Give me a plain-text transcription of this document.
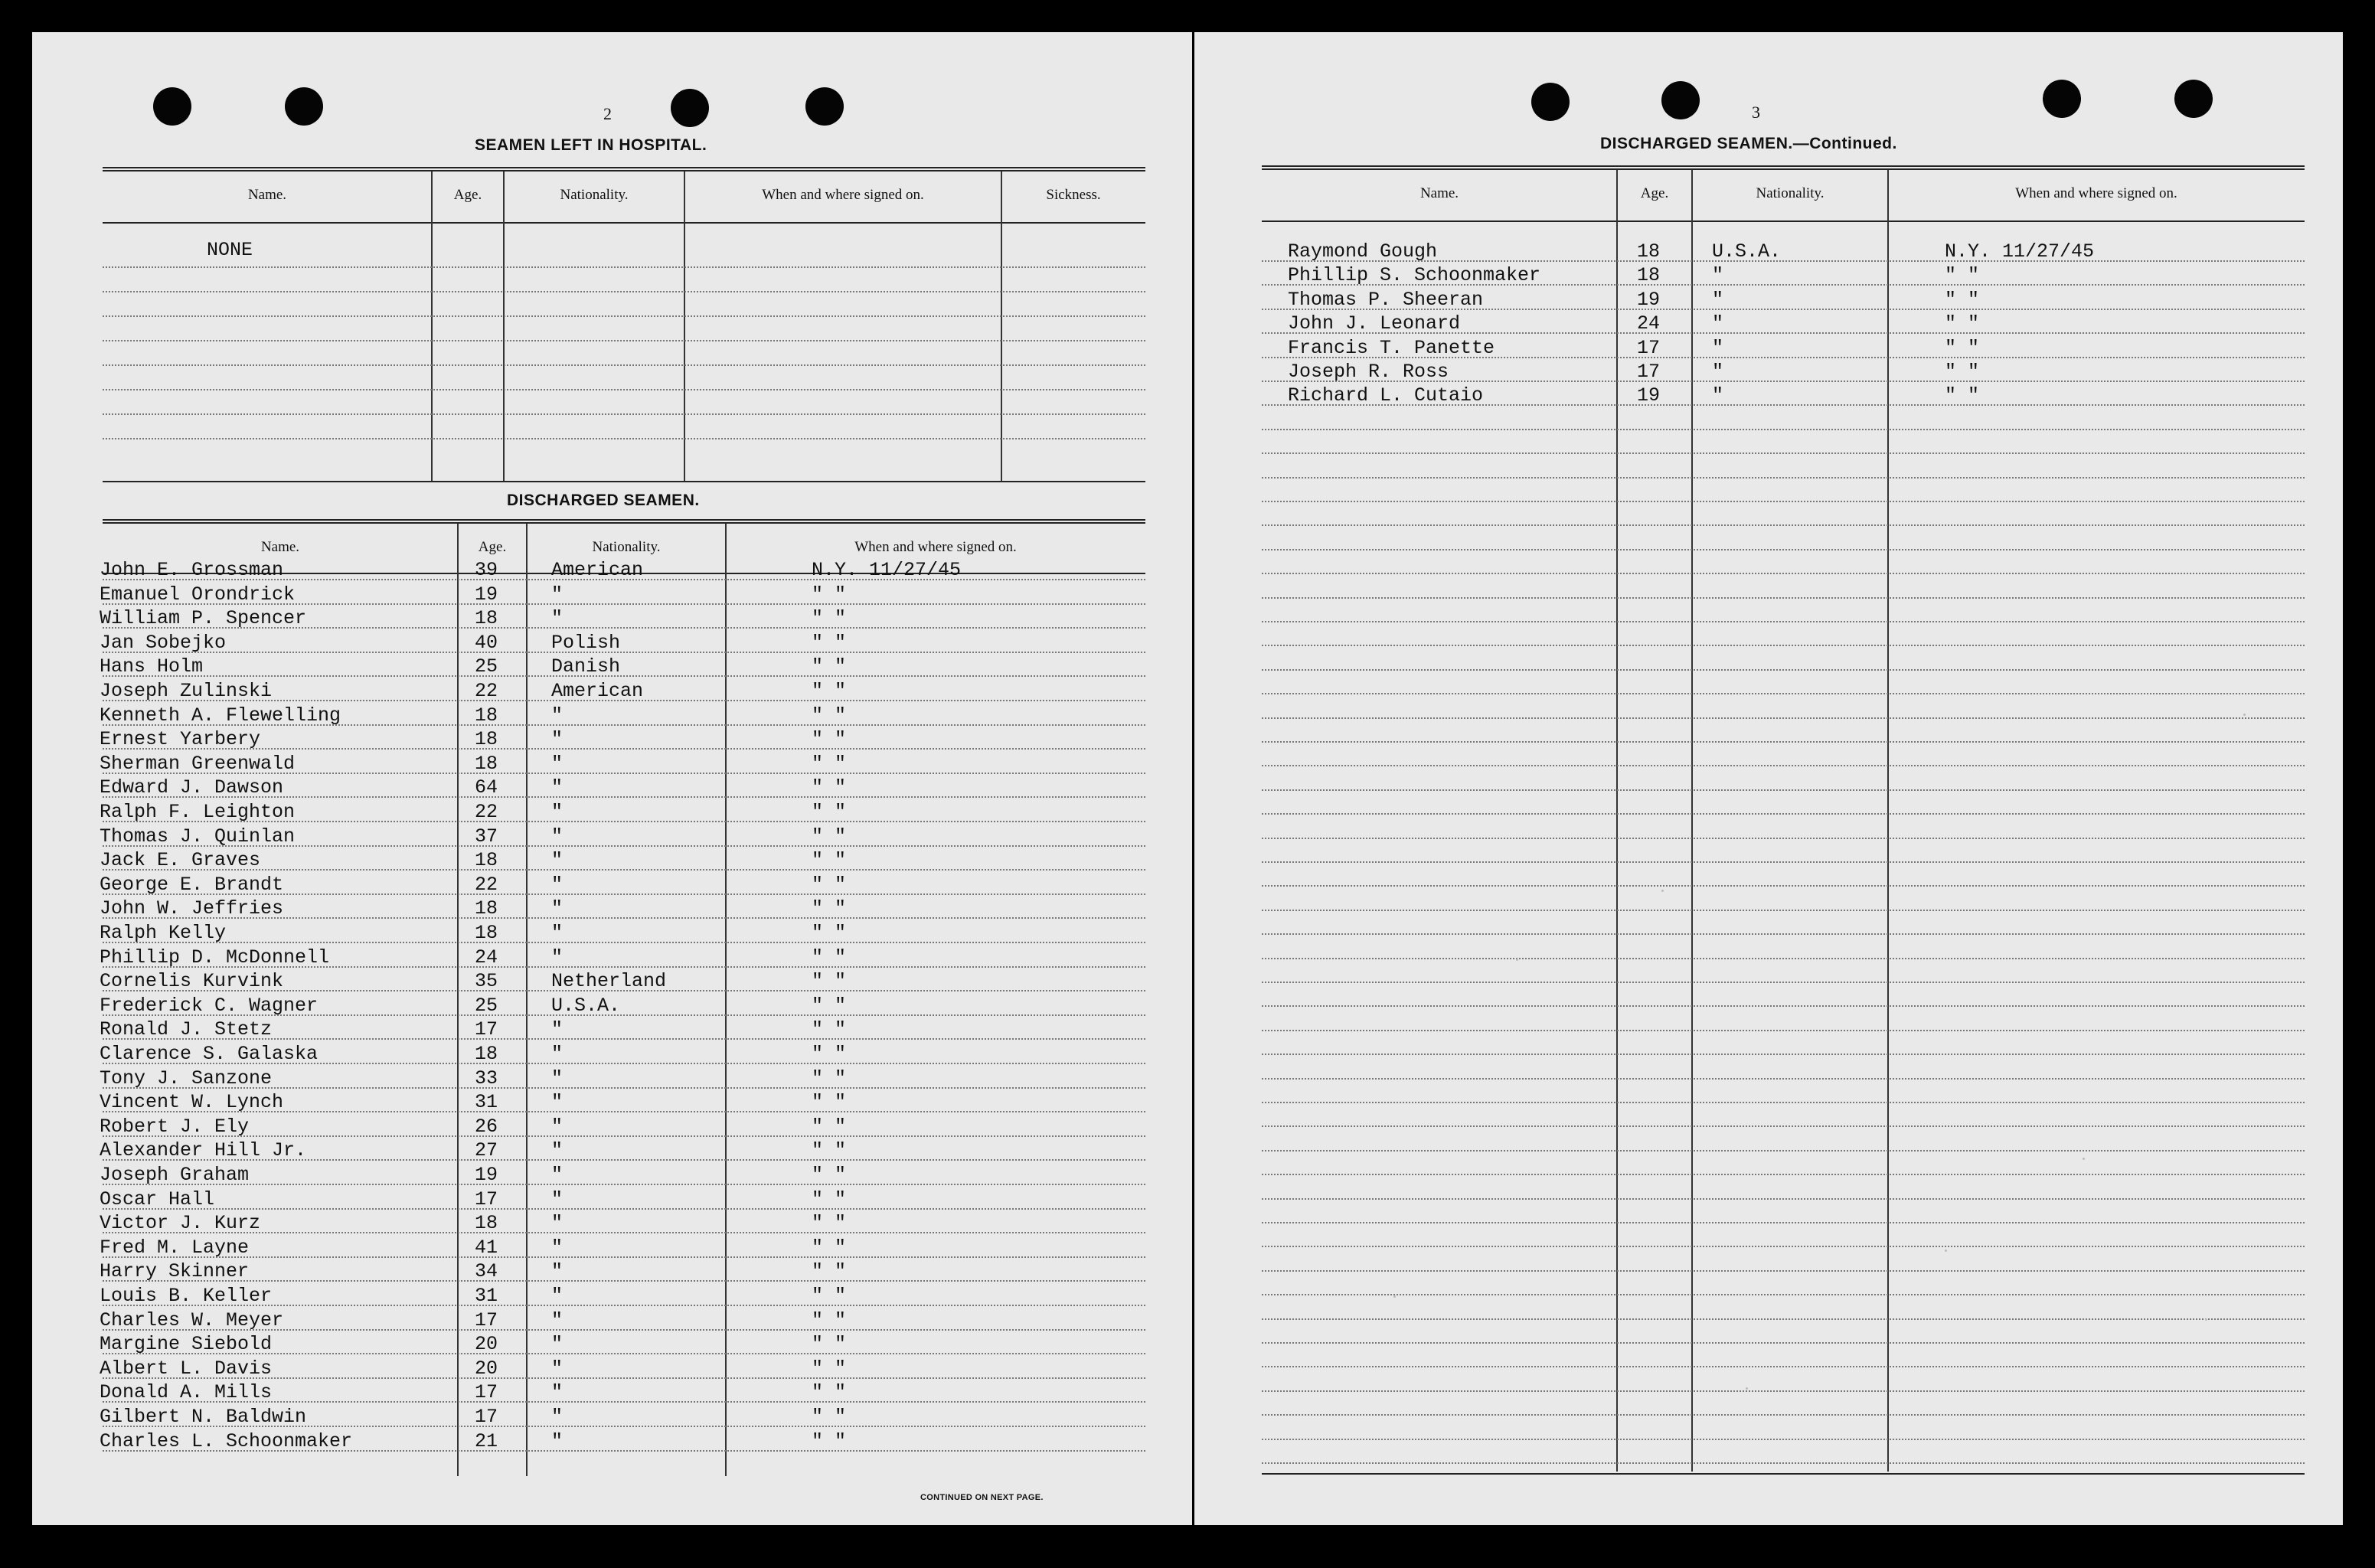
2
SEAMEN LEFT IN HOSPITAL.
Name.	Age.	Nationality.	When and where signed on.	Sickness.
NONE
DISCHARGED SEAMEN.
Name.	Age.	Nationality.	When and where signed on.
John E. Grossman	39	American	N.Y. 11/27/45
Emanuel Orondrick	19	"	" "
William P. Spencer	18	"	" "
Jan Sobejko	40	Polish	" "
Hans Holm	25	Danish	" "
Joseph Zulinski	22	American	" "
Kenneth A. Flewelling	18	"	" "
Ernest Yarbery	18	"	" "
Sherman Greenwald	18	"	" "
Edward J. Dawson	64	"	" "
Ralph F. Leighton	22	"	" "
Thomas J. Quinlan	37	"	" "
Jack E. Graves	18	"	" "
George E. Brandt	22	"	" "
John W. Jeffries	18	"	" "
Ralph Kelly	18	"	" "
Phillip D. McDonnell	24	"	" "
Cornelis Kurvink	35	Netherland	" "
Frederick C. Wagner	25	U.S.A.	" "
Ronald J. Stetz	17	"	" "
Clarence S. Galaska	18	"	" "
Tony J. Sanzone	33	"	" "
Vincent W. Lynch	31	"	" "
Robert J. Ely	26	"	" "
Alexander Hill Jr.	27	"	" "
Joseph Graham	19	"	" "
Oscar Hall	17	"	" "
Victor J. Kurz	18	"	" "
Fred M. Layne	41	"	" "
Harry Skinner	34	"	" "
Louis B. Keller	31	"	" "
Charles W. Meyer	17	"	" "
Margine Siebold	20	"	" "
Albert L. Davis	20	"	" "
Donald A. Mills	17	"	" "
Gilbert N. Baldwin	17	"	" "
Charles L. Schoonmaker	21	"	" "
CONTINUED ON NEXT PAGE.
3
DISCHARGED SEAMEN.—Continued.
Name.	Age.	Nationality.	When and where signed on.
Raymond Gough	18	U.S.A.	N.Y. 11/27/45
Phillip S. Schoonmaker	18	"	" "
Thomas P. Sheeran	19	"	" "
John J. Leonard	24	"	" "
Francis T. Panette	17	"	" "
Joseph R. Ross	17	"	" "
Richard L. Cutaio	19	"	" "
